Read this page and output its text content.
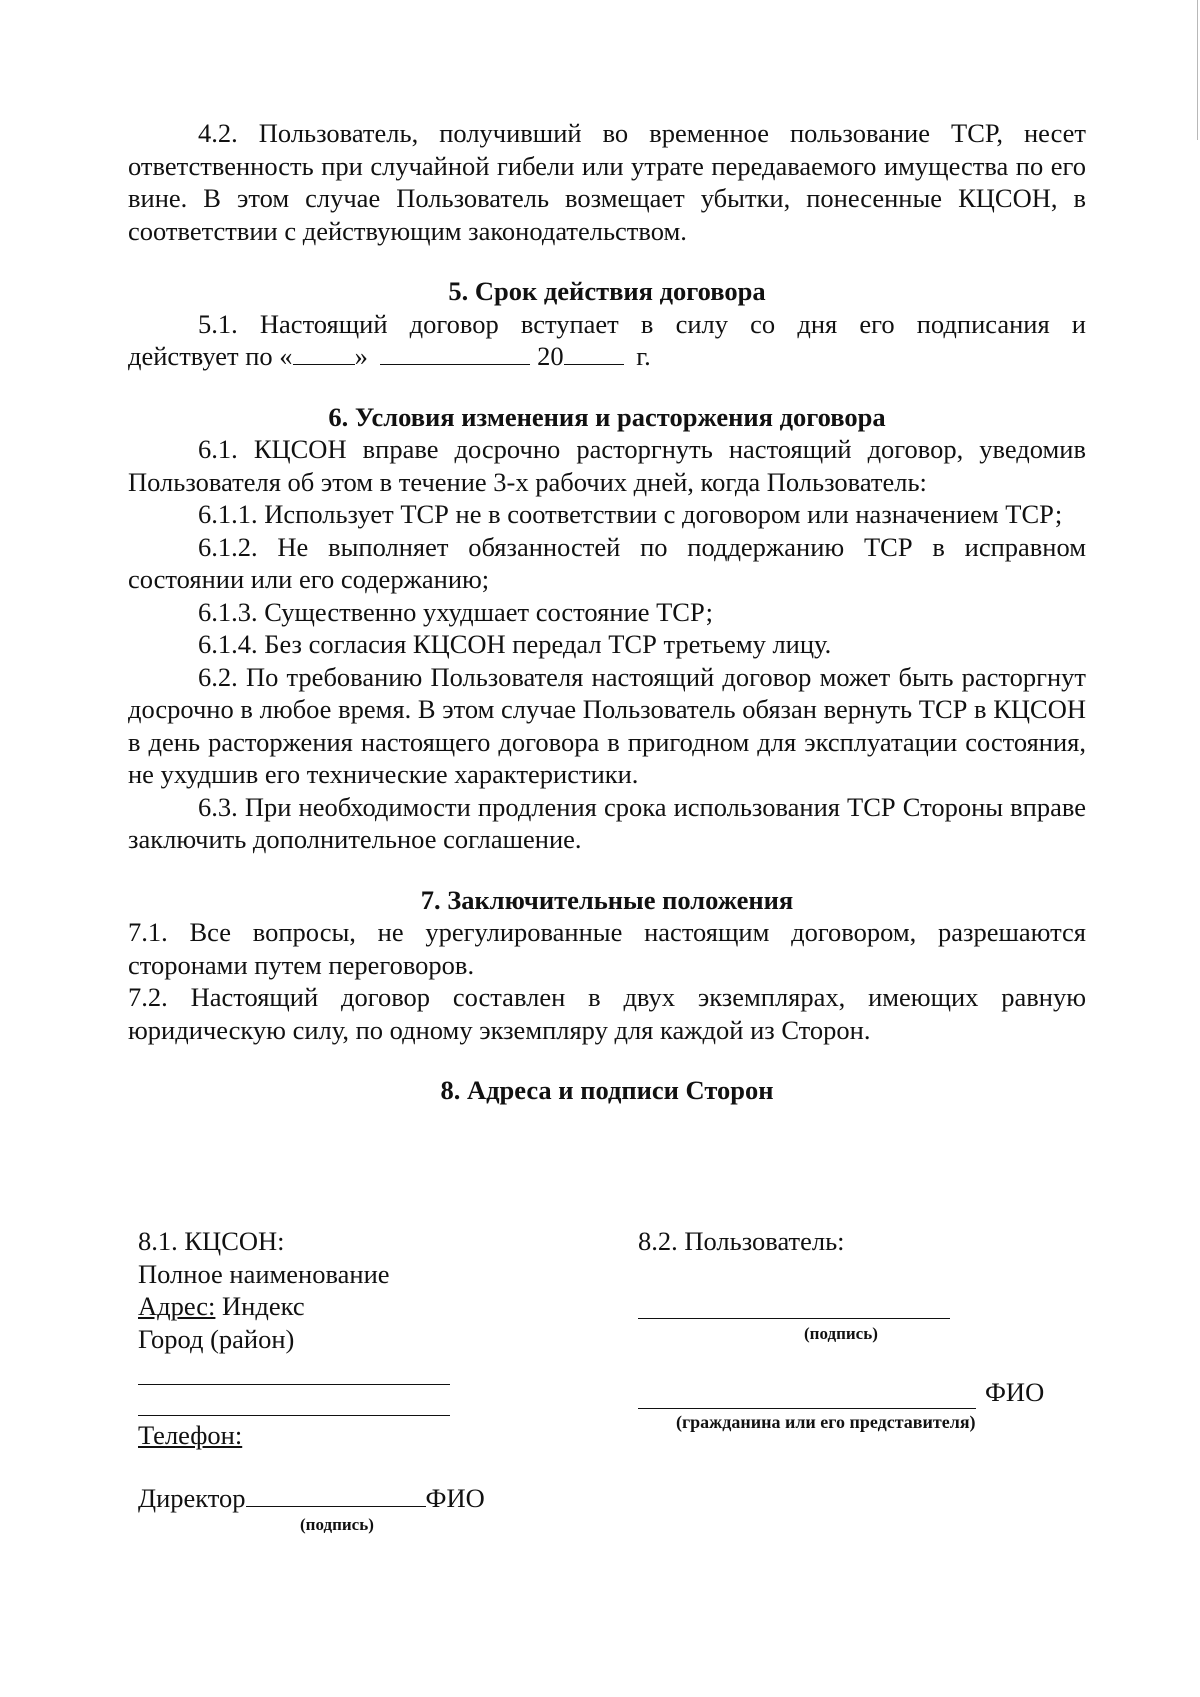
4.2. Пользователь, получивший во временное пользование ТСР, несет ответственность при случайной гибели или утрате передаваемого имущества по его вине. В этом случае Пользователь возмещает убытки, понесенные КЦСОН, в соответствии с действующим законодательством.

5. Срок действия договора

5.1. Настоящий договор вступает в силу со дня его подписания и

действует по « »	20	г.

6. Условия изменения и расторжения договора

6.1. КЦСОН вправе досрочно расторгнуть настоящий договор, уведомив Пользователя об этом в течение 3-х рабочих дней, когда Пользователь:

6.1.1. Использует ТСР не в соответствии с договором или назначением ТСР;

6.1.2. Не выполняет обязанностей по поддержанию ТСР в исправном состоянии или его содержанию;

6.1.3. Существенно ухудшает состояние ТСР;

6.1.4. Без согласия КЦСОН передал ТСР третьему лицу.

6.2. По требованию Пользователя настоящий договор может быть расторгнут досрочно в любое время. В этом случае Пользователь обязан вернуть ТСР в КЦСОН в день расторжения настоящего договора в пригодном для эксплуатации состояния, не ухудшив его технические характеристики.

6.3. При необходимости продления срока использования ТСР Стороны вправе заключить дополнительное соглашение.

7. Заключительные положения

7.1. Все вопросы, не урегулированные настоящим договором, разрешаются сторонами путем переговоров.

7.2. Настоящий договор составлен в двух экземплярах, имеющих равную юридическую силу, по одному экземпляру для каждой из Сторон.

8. Адреса и подписи Сторон
8.1. КЦСОН:
Полное наименование
Адрес: Индекс
Город (район)
Телефон:
Директор	ФИО
(подпись)
8.2. Пользователь:
(подпись)
ФИО
(гражданина или его представителя)
